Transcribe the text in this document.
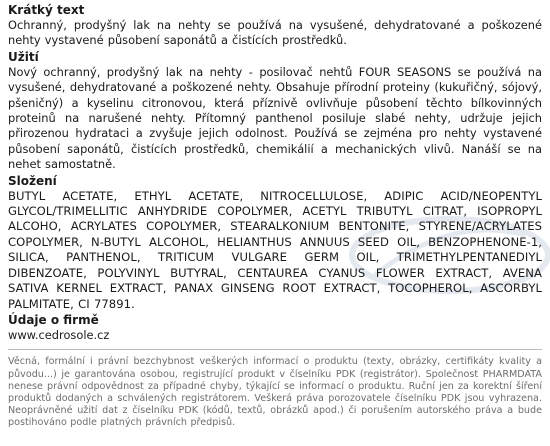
Krátký text

Ochranný, prodyšný lak na nehty se používá na vysušené, dehydratované a poškozené nehty vystavené působení saponátů a čistících prostředků.

Užití

Nový ochranný, prodyšný lak na nehty - posilovač nehtů FOUR SEASONS se používá na vysušené, dehydratované a poškozené nehty. Obsahuje přírodní proteiny (kukuřičný, sójový, pšeničný) a kyselinu citronovou, která příznivě ovlivňuje působení těchto bílkovinných proteinů na narušené nehty. Přítomný panthenol posiluje slabé nehty, udržuje jejich přirozenou hydrataci a zvyšuje jejich odolnost. Používá se zejména pro nehty vystavené působení saponátů, čistících prostředků, chemikálií a mechanických vlivů. Nanáší se na nehet samostatně.

Složení

BUTYL ACETATE, ETHYL ACETATE, NITROCELLULOSE, ADIPIC ACID/NEOPENTYL GLYCOL/TRIMELLITIC ANHYDRIDE COPOLYMER, ACETYL TRIBUTYL CITRAT, ISOPROPYL ALCOHO, ACRYLATES COPOLYMER, STEARALKONIUM BENTONITE, STYRENE/ACRYLATES COPOLYMER, N-BUTYL ALCOHOL, HELIANTHUS ANNUUS SEED OIL, BENZOPHENONE-1, SILICA, PANTHENOL, TRITICUM VULGARE GERM OIL, TRIMETHYLPENTANEDIYL DIBENZOATE, POLYVINYL BUTYRAL, CENTAUREA CYANUS FLOWER EXTRACT, AVENA SATIVA KERNEL EXTRACT, PANAX GINSENG ROOT EXTRACT, TOCOPHEROL, ASCORBYL PALMITATE, CI 77891.

Údaje o firmě

www.cedrosole.cz

Věcná, formální i právní bezchybnost veškerých informací o produktu (texty, obrázky, certifikáty kvality a původu...) je garantována osobou, registrující produkt v číselníku PDK (registrátor). Společnost PHARMDATA nenese právní odpovědnost za případné chyby, týkající se informací o produktu. Ruční jen za korektní šíření produktů dodaných a schválených registrátorem. Veškerá práva porozovatele číselníku PDK jsou vyhrazena. Neoprávněné užití dat z číselníku PDK (kódů, textů, obrázků apod.) či porušením autorského práva a bude postihováno podle platných právních předpisů.
